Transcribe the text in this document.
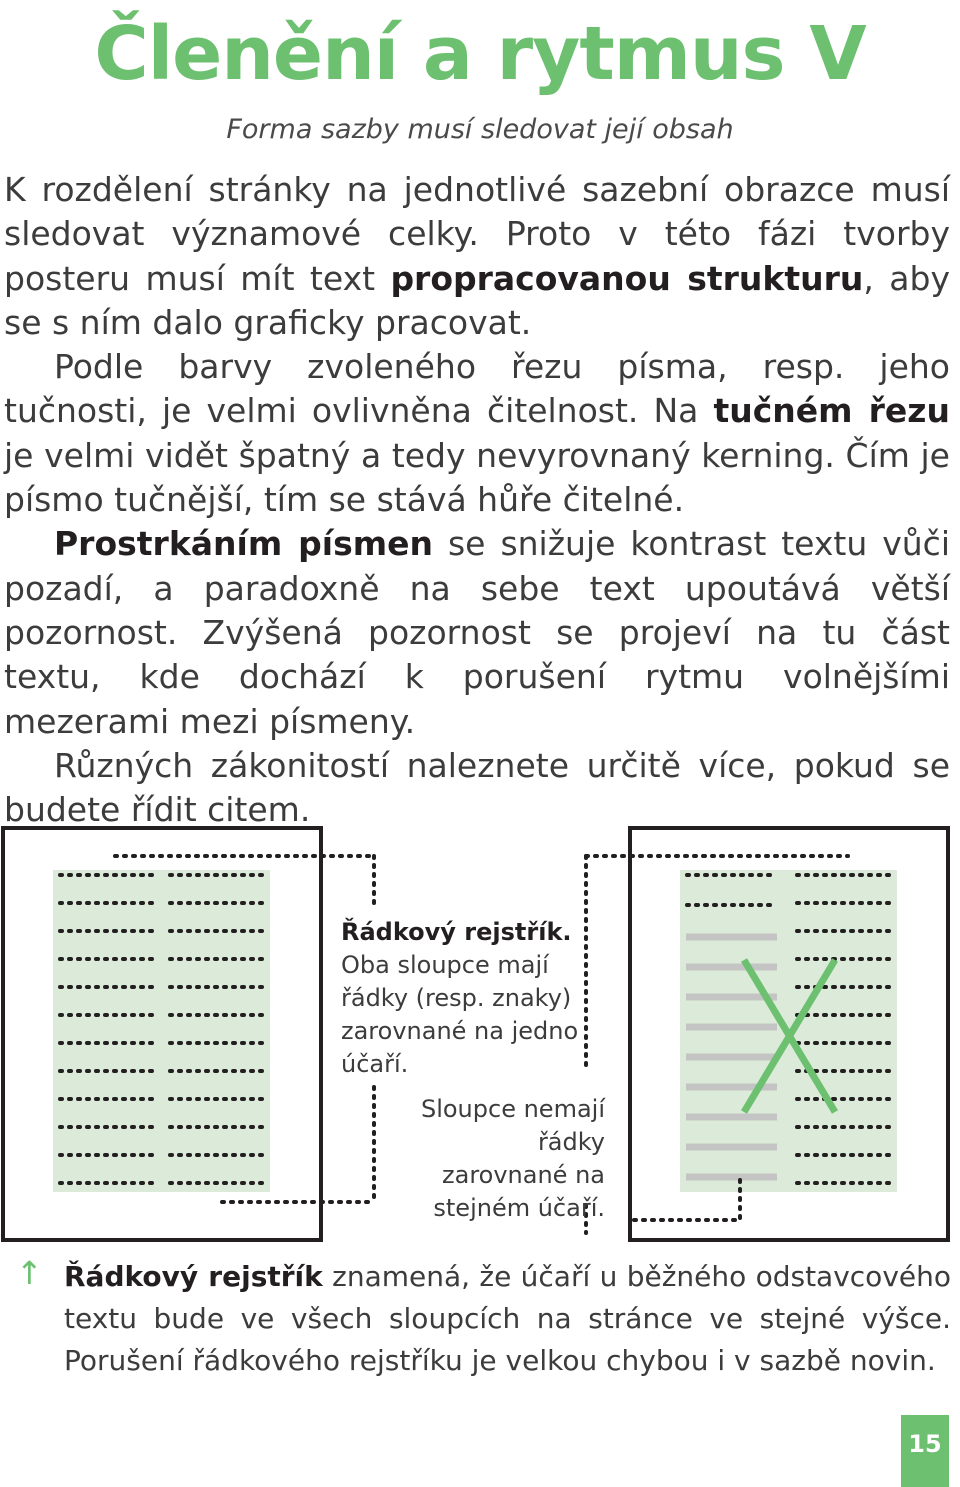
Členění a rytmus V

Forma sazby musí sledovat její obsah

K rozdělení stránky na jednotlivé sazební obrazce musí sledovat významové celky. Proto v této fázi tvorby posteru musí mít text propracovanou strukturu, aby se s ním dalo graficky pracovat.

Podle barvy zvoleného řezu písma, resp. jeho tučnosti, je velmi ovlivněna čitelnost. Na tučném řezu je velmi vidět špatný a tedy nevyrovnaný kerning. Čím je písmo tučnější, tím se stává hůře čitelné.

Prostrkáním písmen se snižuje kontrast textu vůči pozadí, a paradoxně na sebe text upoutává větší pozornost. Zvýšená pozornost se projeví na tu část textu, kde dochází k porušení rytmu volnějšími mezerami mezi písmeny.

Různých zákonitostí naleznete určitě více, pokud se budete řídit citem.

Řádkový rejstřík.
Oba sloupce mají řádky (resp. znaky) zarovnané na jedno účaří.

Sloupce nemají řádky zarovnané na stejném účaří.

↑ Řádkový rejstřík znamená, že účaří u běžného odstavcového textu bude ve všech sloupcích na stránce ve stejné výšce. Porušení řádkového rejstříku je velkou chybou i v sazbě novin.

15
